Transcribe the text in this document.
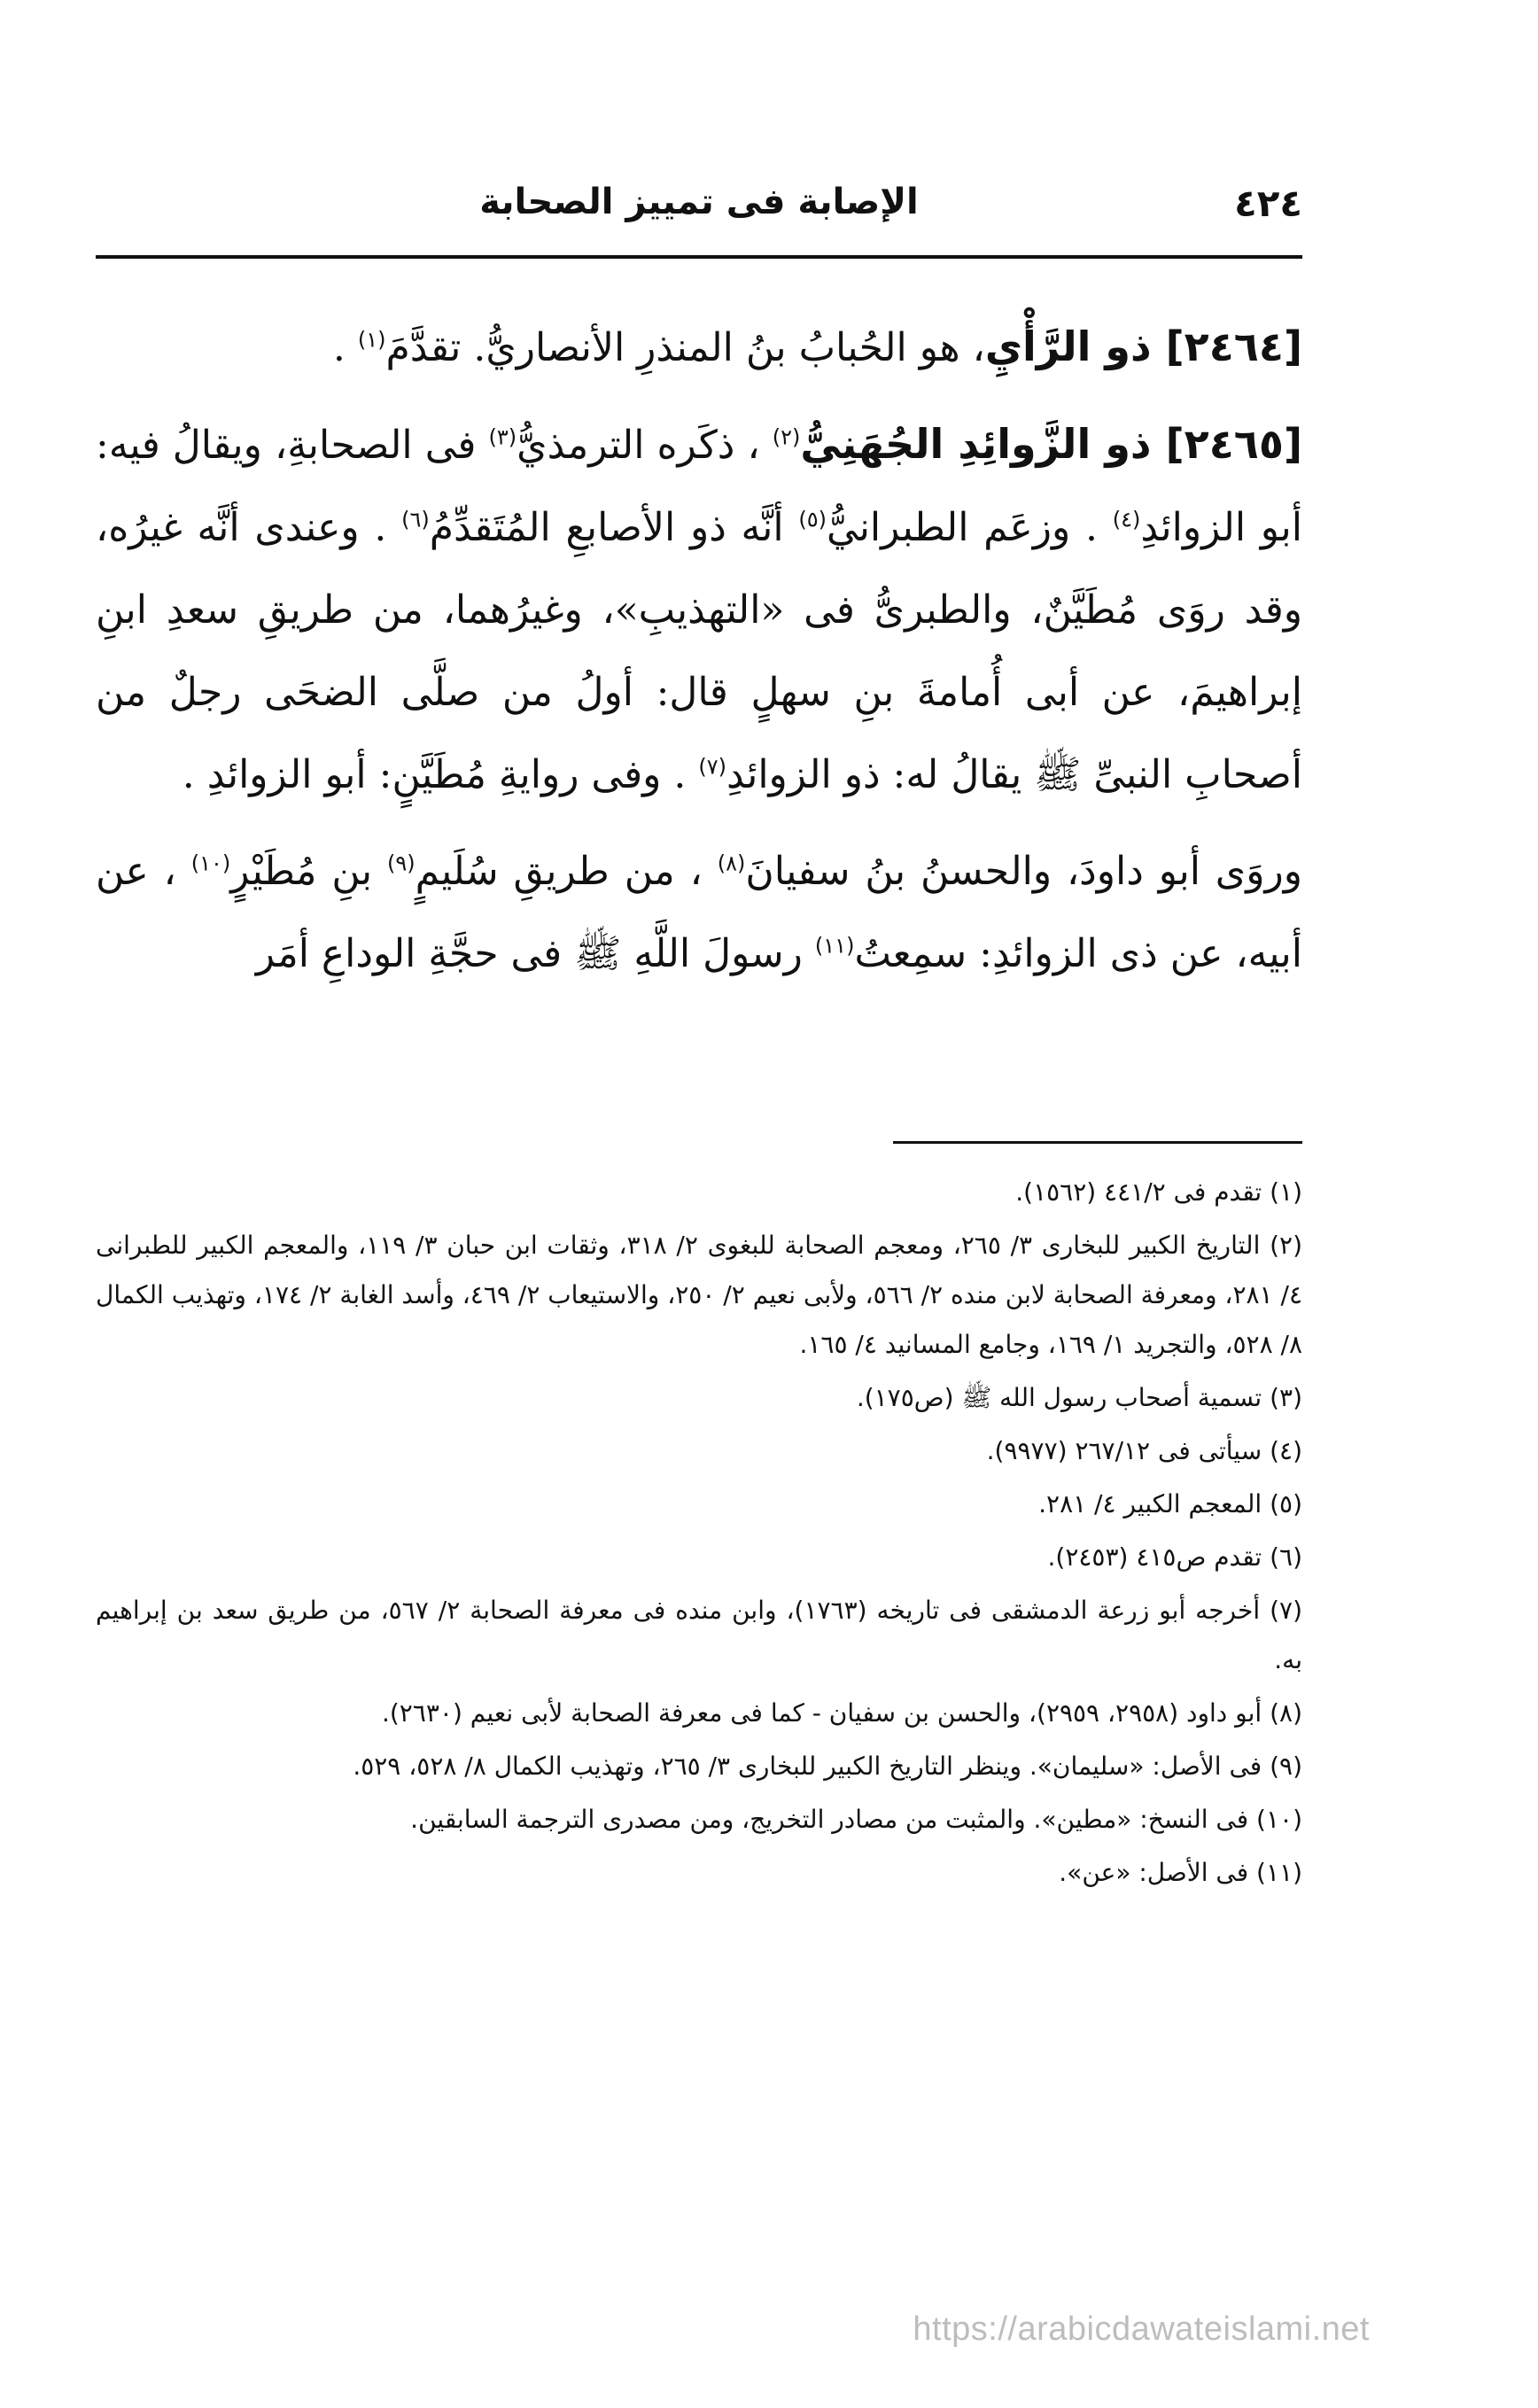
٤٢٤
الإصابة فى تمييز الصحابة

[٢٤٦٤] ذو الرَّأْيِ، هو الحُبابُ بنُ المنذرِ الأنصاريُّ. تقدَّمَ$^{(١)}$ .

[٢٤٦٥] ذو الزَّوائِدِ الجُهَنِيُّ$^{(٢)}$ ، ذكَره الترمذيُّ$^{(٣)}$ فى الصحابةِ، ويقالُ فيه: أبو الزوائدِ$^{(٤)}$ . وزعَم الطبرانيُّ$^{(٥)}$ أنَّه ذو الأصابعِ المُتَقدِّمُ$^{(٦)}$ . وعندى أنَّه غيرُه، وقد روَى مُطَيَّنٌ، والطبرىُّ فى «التهذيبِ»، وغيرُهما، من طريقِ سعدِ ابنِ إبراهيمَ، عن أبى أُمامةَ بنِ سهلٍ قال: أولُ من صلَّى الضحَى رجلٌ من أصحابِ النبىِّ ﷺ يقالُ له: ذو الزوائدِ$^{(٧)}$ . وفى روايةِ مُطَيَّنٍ: أبو الزوائدِ .

وروَى أبو داودَ، والحسنُ بنُ سفيانَ$^{(٨)}$ ، من طريقِ سُلَيمٍ$^{(٩)}$ بنِ مُطَيْرٍ$^{(١٠)}$ ، عن أبيه، عن ذى الزوائدِ: سمِعتُ$^{(١١)}$ رسولَ اللَّهِ ﷺ فى حجَّةِ الوداعِ أمَر

(١) تقدم فى ٤٤١/٢ (١٥٦٢).

(٢) التاريخ الكبير للبخارى ٣/ ٢٦٥، ومعجم الصحابة للبغوى ٢/ ٣١٨، وثقات ابن حبان ٣/ ١١٩، والمعجم الكبير للطبرانى ٤/ ٢٨١، ومعرفة الصحابة لابن منده ٢/ ٥٦٦، ولأبى نعيم ٢/ ٢٥٠، والاستيعاب ٢/ ٤٦٩، وأسد الغابة ٢/ ١٧٤، وتهذيب الكمال ٨/ ٥٢٨، والتجريد ١/ ١٦٩، وجامع المسانيد ٤/ ١٦٥.

(٣) تسمية أصحاب رسول الله ﷺ (ص١٧٥).

(٤) سيأتى فى ٢٦٧/١٢ (٩٩٧٧).

(٥) المعجم الكبير ٤/ ٢٨١.

(٦) تقدم ص٤١٥ (٢٤٥٣).

(٧) أخرجه أبو زرعة الدمشقى فى تاريخه (١٧٦٣)، وابن منده فى معرفة الصحابة ٢/ ٥٦٧، من طريق سعد بن إبراهيم به.

(٨) أبو داود (٢٩٥٨، ٢٩٥٩)، والحسن بن سفيان - كما فى معرفة الصحابة لأبى نعيم (٢٦٣٠).

(٩) فى الأصل: «سليمان». وينظر التاريخ الكبير للبخارى ٣/ ٢٦٥، وتهذيب الكمال ٨/ ٥٢٨، ٥٢٩.

(١٠) فى النسخ: «مطين». والمثبت من مصادر التخريج، ومن مصدرى الترجمة السابقين.

(١١) فى الأصل: «عن».

https://arabicdawateislami.net
